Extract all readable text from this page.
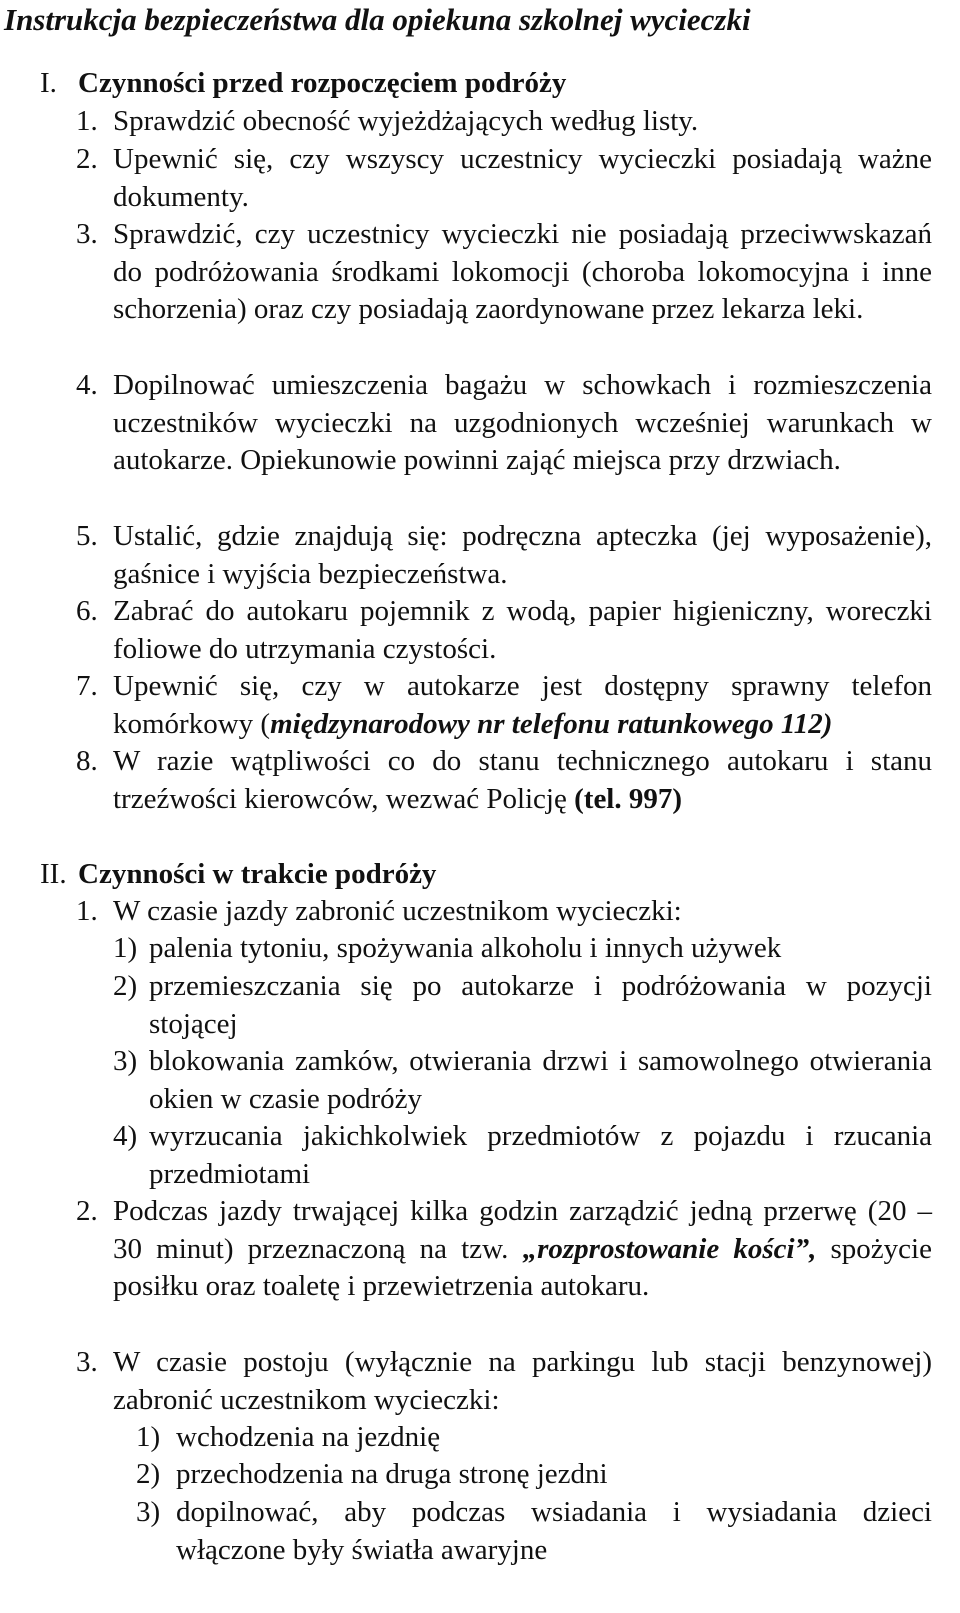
Instrukcja bezpieczeństwa dla opiekuna szkolnej wycieczki
I. Czynności przed rozpoczęciem podróży
1. Sprawdzić obecność wyjeżdżających według listy.
2. Upewnić się, czy wszyscy uczestnicy wycieczki posiadają ważne dokumenty.
3. Sprawdzić, czy uczestnicy wycieczki nie posiadają przeciwwskazań do podróżowania środkami lokomocji (choroba lokomocyjna i inne schorzenia) oraz czy posiadają zaordynowane przez lekarza leki.
4. Dopilnować umieszczenia bagażu w schowkach i rozmieszczenia uczestników wycieczki na uzgodnionych wcześniej warunkach w autokarze. Opiekunowie powinni zająć miejsca przy drzwiach.
5. Ustalić, gdzie znajdują się: podręczna apteczka (jej wyposażenie), gaśnice i wyjścia bezpieczeństwa.
6. Zabrać do autokaru pojemnik z wodą, papier higieniczny, woreczki foliowe do utrzymania czystości.
7. Upewnić się, czy w autokarze jest dostępny sprawny telefon komórkowy (międzynarodowy nr telefonu ratunkowego 112)
8. W razie wątpliwości co do stanu technicznego autokaru i stanu trzeźwości kierowców, wezwać Policję (tel. 997)
II. Czynności w trakcie podróży
1. W czasie jazdy zabronić uczestnikom wycieczki:
1) palenia tytoniu, spożywania alkoholu i innych używek
2) przemieszczania się po autokarze i podróżowania w pozycji stojącej
3) blokowania zamków, otwierania drzwi i samowolnego otwierania okien w czasie podróży
4) wyrzucania jakichkolwiek przedmiotów z pojazdu i rzucania przedmiotami
2. Podczas jazdy trwającej kilka godzin zarządzić jedną przerwę (20 – 30 minut) przeznaczoną na tzw. „rozprostowanie kości”, spożycie posiłku oraz toaletę i przewietrzenia autokaru.
3. W czasie postoju (wyłącznie na parkingu lub stacji benzynowej) zabronić uczestnikom wycieczki:
1) wchodzenia na jezdnię
2) przechodzenia na druga stronę jezdni
3) dopilnować, aby podczas wsiadania i wysiadania dzieci włączone były światła awaryjne
